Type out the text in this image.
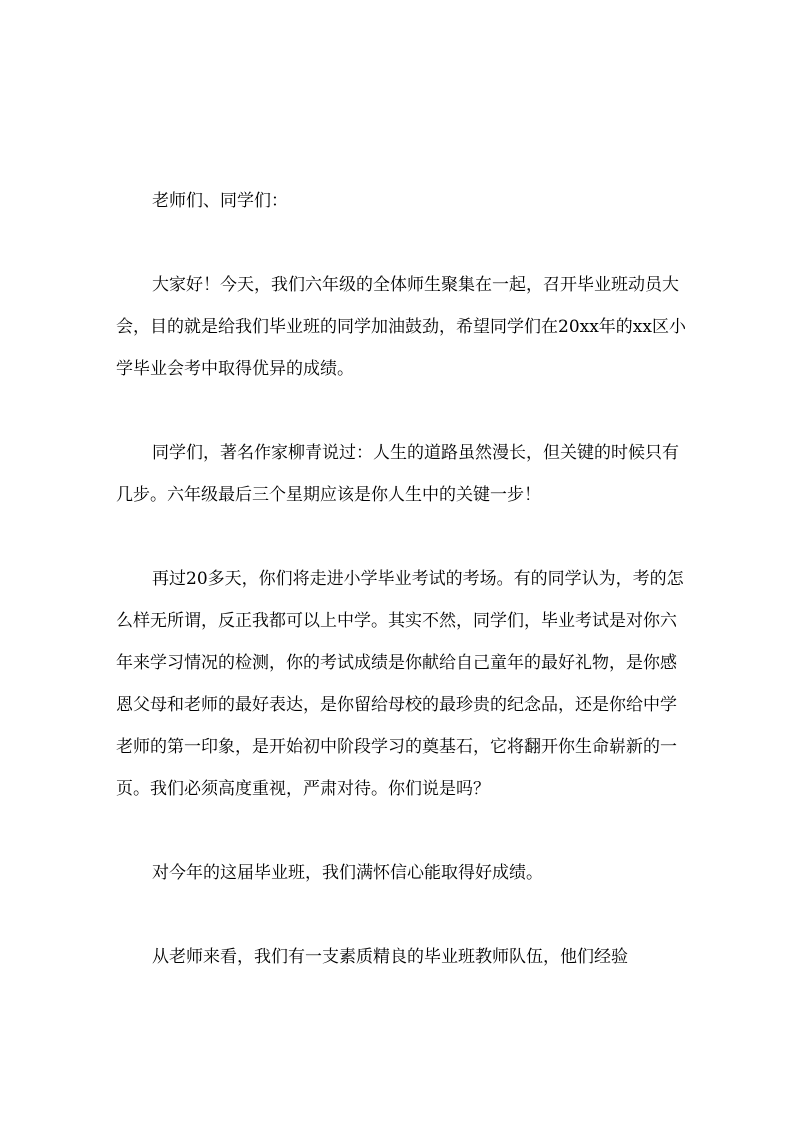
老师们、同学们：

大家好！今天，我们六年级的全体师生聚集在一起，召开毕业班动员大会，目的就是给我们毕业班的同学加油鼓劲，希望同学们在20xx年的xx区小学毕业会考中取得优异的成绩。

同学们，著名作家柳青说过：人生的道路虽然漫长，但关键的时候只有几步。六年级最后三个星期应该是你人生中的关键一步！

再过20多天，你们将走进小学毕业考试的考场。有的同学认为，考的怎么样无所谓，反正我都可以上中学。其实不然，同学们，毕业考试是对你六年来学习情况的检测，你的考试成绩是你献给自己童年的最好礼物，是你感恩父母和老师的最好表达，是你留给母校的最珍贵的纪念品，还是你给中学老师的第一印象，是开始初中阶段学习的奠基石，它将翻开你生命崭新的一页。我们必须高度重视，严肃对待。你们说是吗？

对今年的这届毕业班，我们满怀信心能取得好成绩。

从老师来看，我们有一支素质精良的毕业班教师队伍，他们经验
